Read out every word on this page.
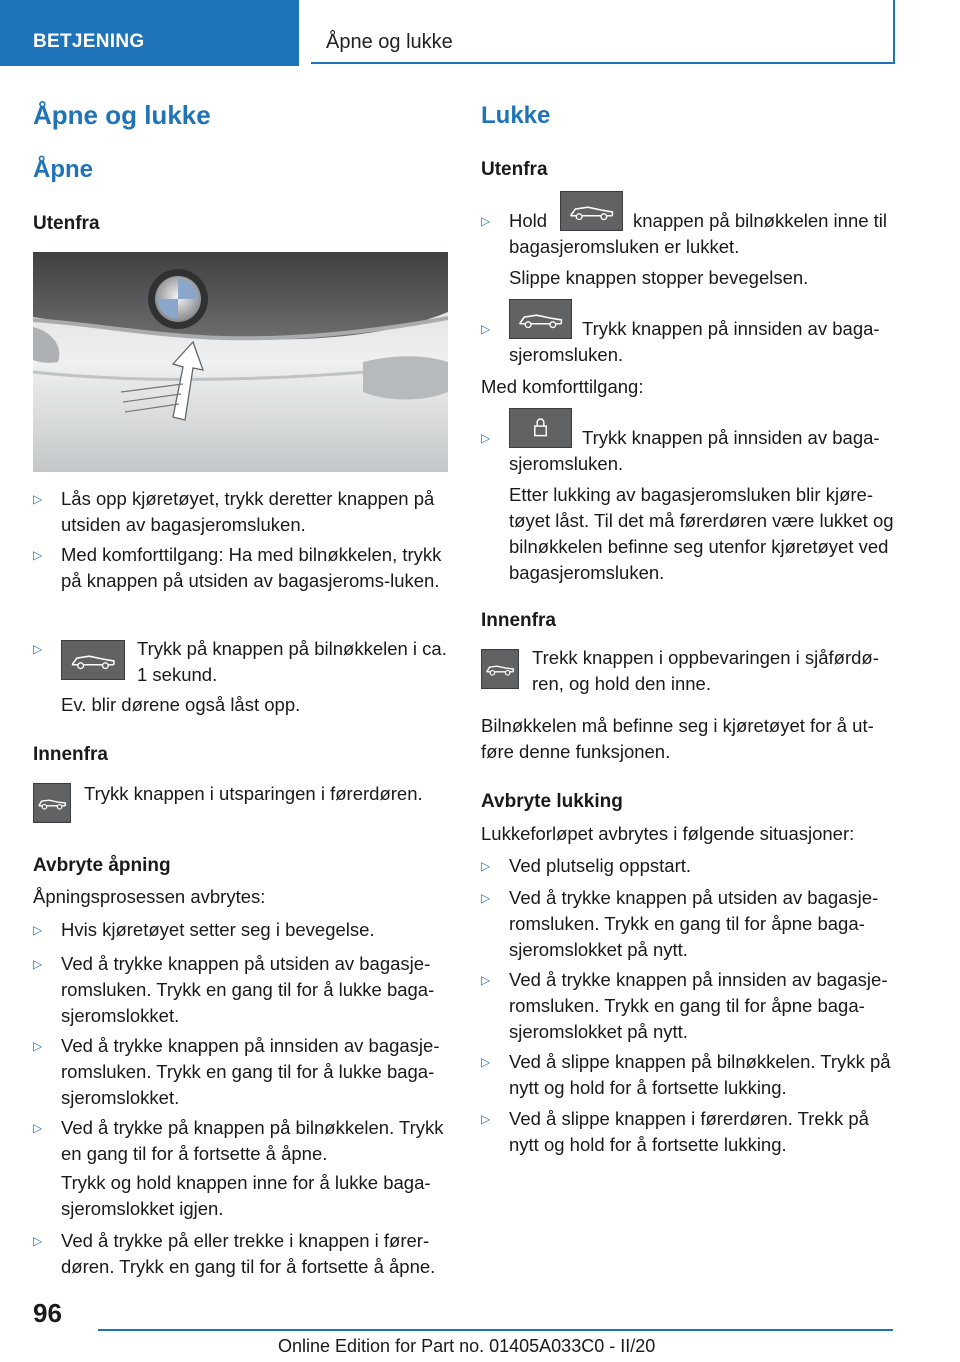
BETJENING	Åpne og lukke
Åpne og lukke
Åpne
Utenfra
▷	Lås opp kjøretøyet, trykk deretter knappen på utsiden av bagasjeromsluken.
▷	Med komforttilgang: Ha med bilnøkkelen, trykk på knappen på utsiden av bagasjeroms-luken.
▷	Trykk på knappen på bilnøkkelen i ca. 1 sekund.
Ev. blir dørene også låst opp.
Innenfra
Trykk knappen i utsparingen i førerdøren.
Avbryte åpning
Åpningsprosessen avbrytes:
▷	Hvis kjøretøyet setter seg i bevegelse.
▷	Ved å trykke knappen på utsiden av bagasje-romsluken. Trykk en gang til for å lukke baga-sjeromslokket.
▷	Ved å trykke knappen på innsiden av bagasje-romsluken. Trykk en gang til for å lukke baga-sjeromslokket.
▷	Ved å trykke på knappen på bilnøkkelen. Trykk en gang til for å fortsette å åpne.
Trykk og hold knappen inne for å lukke baga-sjeromslokket igjen.
▷	Ved å trykke på eller trekke i knappen i fører-døren. Trykk en gang til for å fortsette å åpne.
Lukke
Utenfra
▷	Hold	knappen på bilnøkkelen inne til bagasjeromsluken er lukket.
Slippe knappen stopper bevegelsen.
▷	Trykk knappen på innsiden av baga-sjeromsluken.
Med komforttilgang:
▷	Trykk knappen på innsiden av baga-sjeromsluken.
Etter lukking av bagasjeromsluken blir kjøre-tøyet låst. Til det må førerdøren være lukket og bilnøkkelen befinne seg utenfor kjøretøyet ved bagasjeromsluken.
Innenfra
Trekk knappen i oppbevaringen i sjåførdø-ren, og hold den inne.
Bilnøkkelen må befinne seg i kjøretøyet for å ut-føre denne funksjonen.
Avbryte lukking
Lukkeforløpet avbrytes i følgende situasjoner:
▷	Ved plutselig oppstart.
▷	Ved å trykke knappen på utsiden av bagasje-romsluken. Trykk en gang til for åpne baga-sjeromslokket på nytt.
▷	Ved å trykke knappen på innsiden av bagasje-romsluken. Trykk en gang til for åpne baga-sjeromslokket på nytt.
▷	Ved å slippe knappen på bilnøkkelen. Trykk på nytt og hold for å fortsette lukking.
▷	Ved å slippe knappen i førerdøren. Trekk på nytt og hold for å fortsette lukking.
96
Online Edition for Part no. 01405A033C0 - II/20
